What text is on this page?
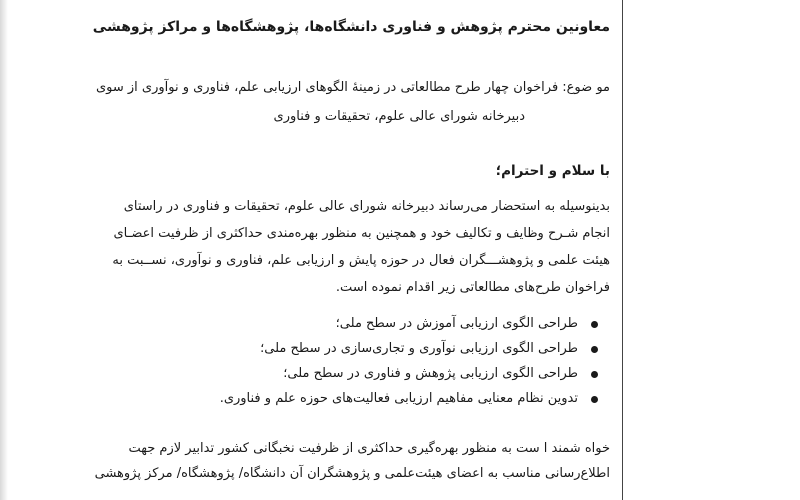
معاونین محترم پژوهش و فناوری دانشگاه‌ها، پژوهشگاه‌ها و مراکز پژوهشی
مو ضوع: فراخوان چهار طرح مطالعاتی در زمینهٔ الگوهای ارزیابی علم، فناوری و نوآوری از سوی
دبیرخانه شورای عالی علوم، تحقیقات و فناوری
با سلام و احترام؛
بدینوسیله به استحضار می‌رساند دبیرخانه شورای عالی علوم، تحقیقات و فناوری در راستای
انجام شـرح وظایف و تکالیف خود و همچنین به منظور بهره‌مندی حداکثری از ظرفیت اعضـای
هیئت علمی و پژوهشـــگران فعال در حوزه پایش و ارزیابی علم، فناوری و نوآوری، نســبت به
فراخوان طرح‌های مطالعاتی زیر اقدام نموده است.
طراحی الگوی ارزیابی آموزش در سطح ملی؛
طراحی الگوی ارزیابی نوآوری و تجاری‌سازی در سطح ملی؛
طراحی الگوی ارزیابی پژوهش و فناوری در سطح ملی؛
تدوین نظام معنایی مفاهیم ارزیابی فعالیت‌های حوزه علم و فناوری.
خواه شمند ا ست به منظور بهره‌گیری حداکثری از ظرفیت نخبگانی کشور تدابیر لازم جهت
اطلاع‌رسانی مناسب به اعضای هیئت‌علمی و پژوهشگران آن دانشگاه/ پژوهشگاه/ مرکز پژوهشی
